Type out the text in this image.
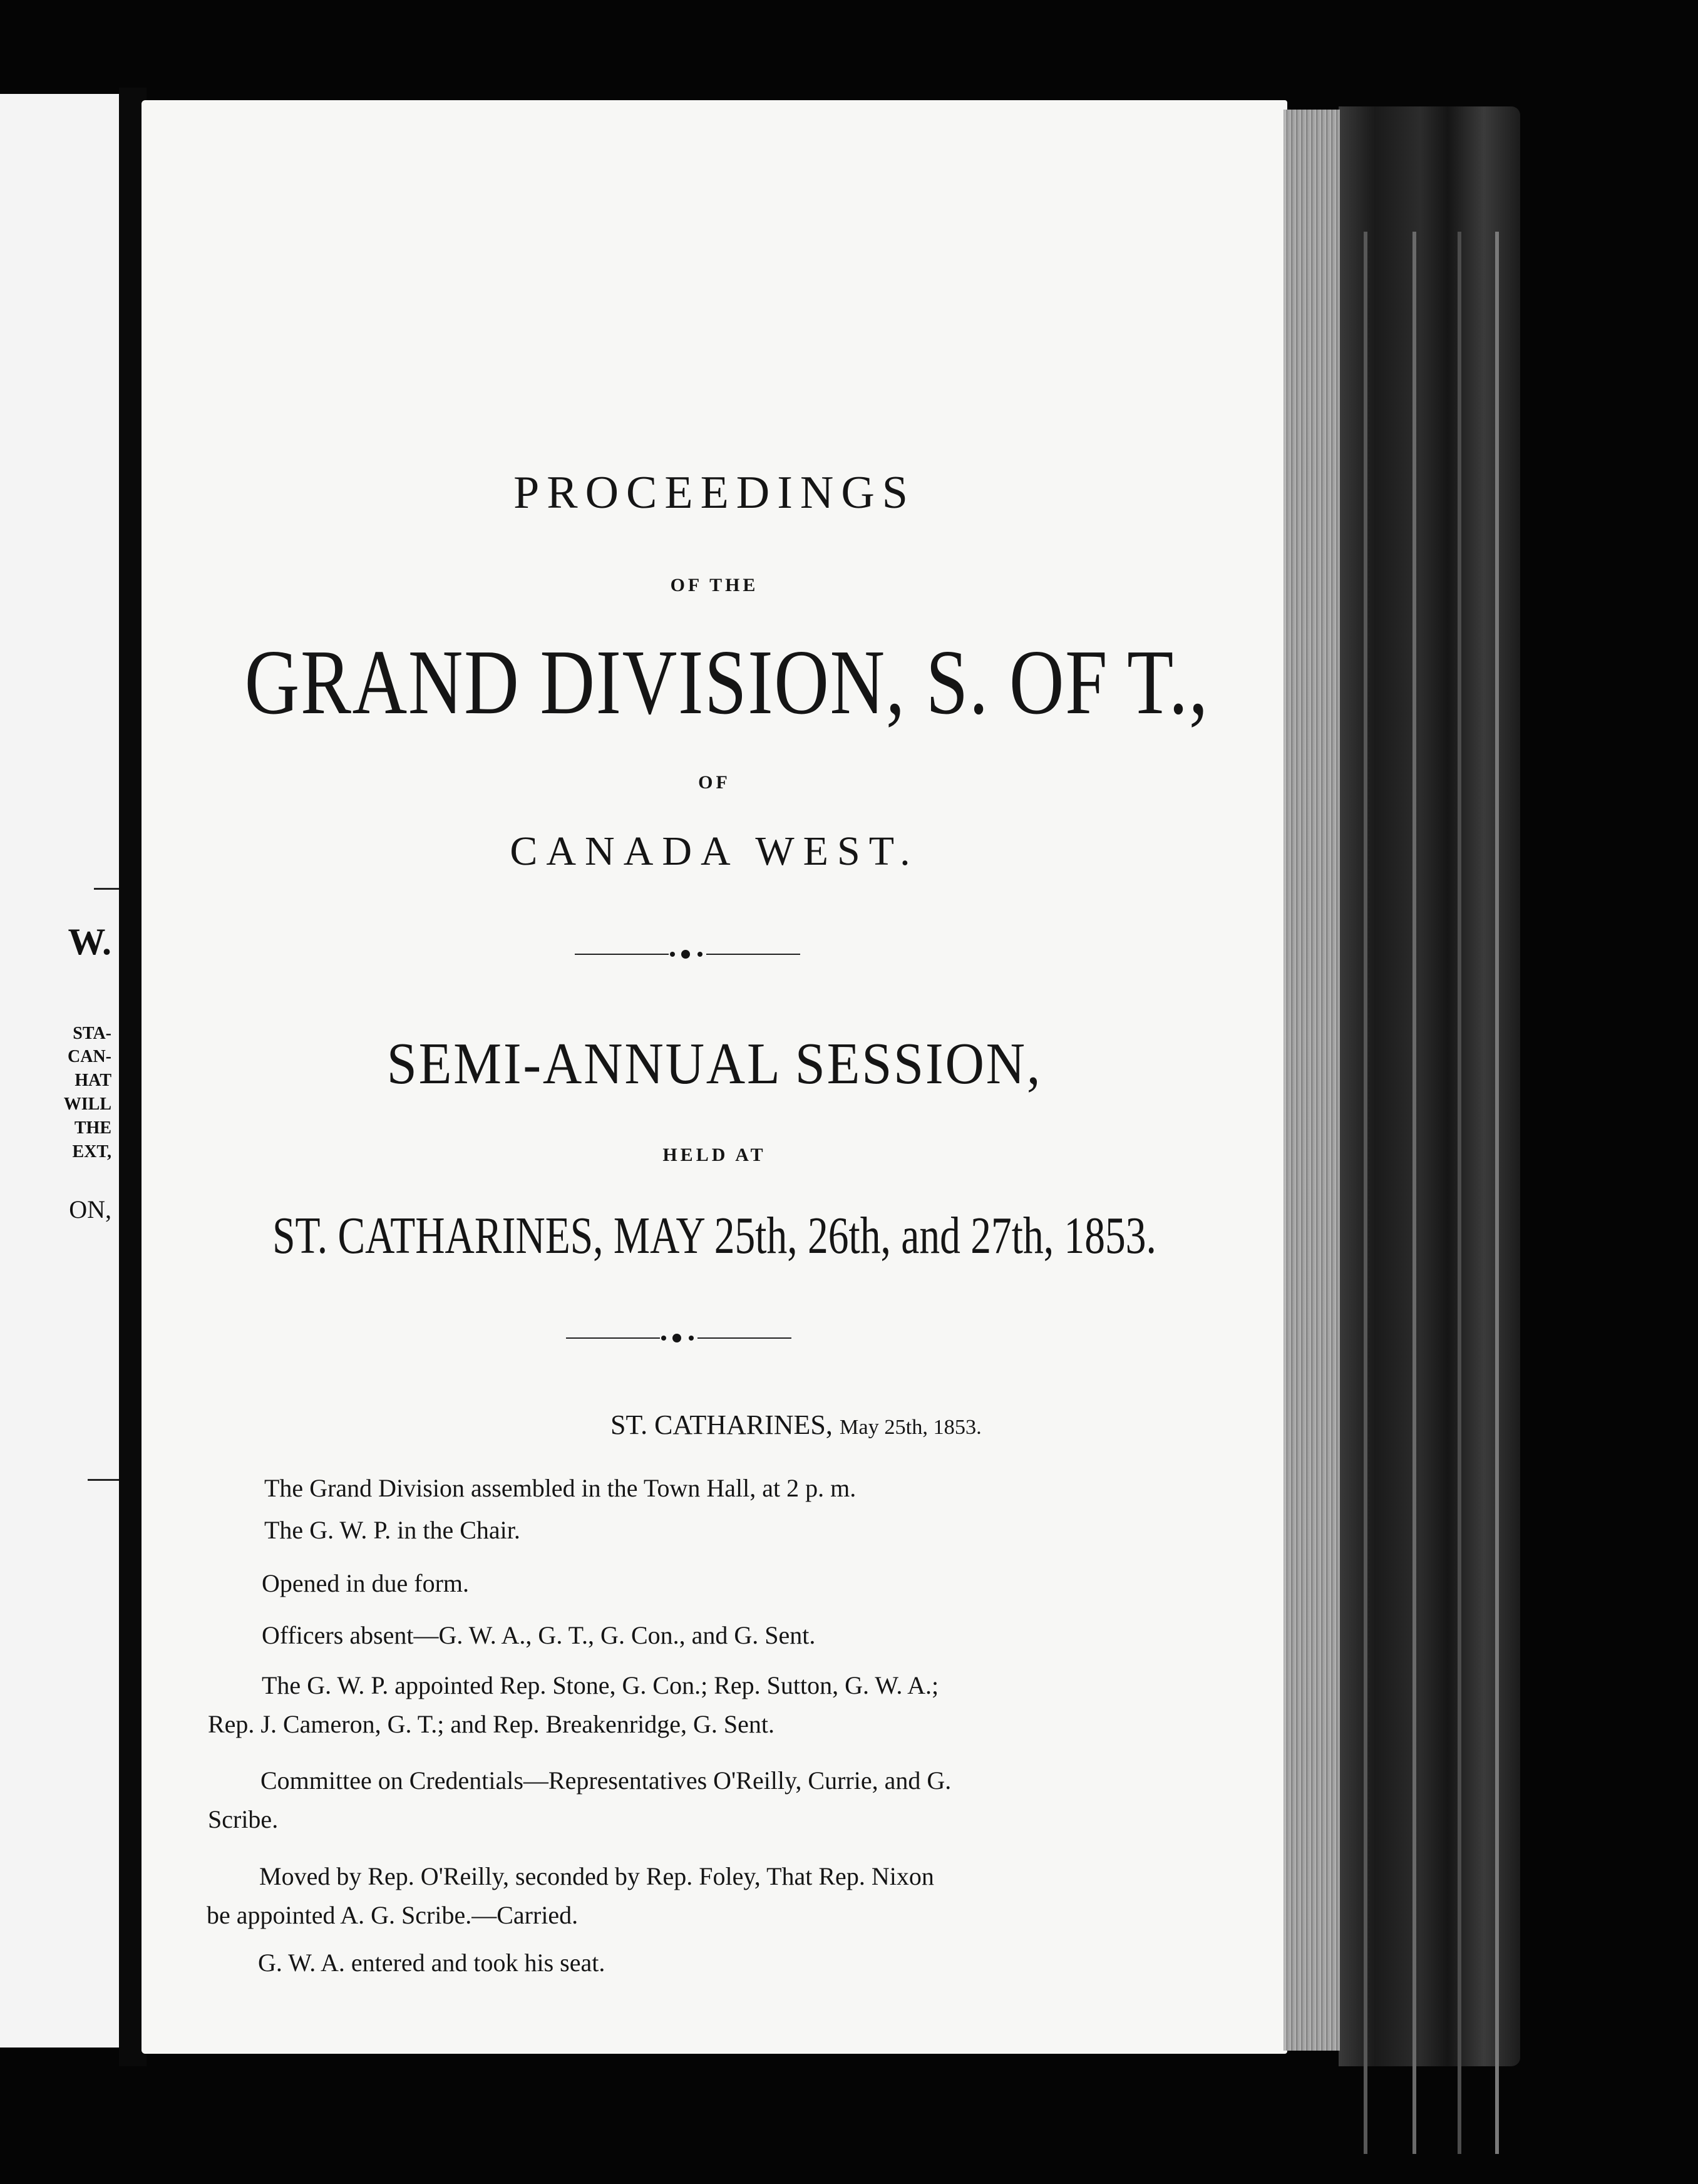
W.
STA-
CAN-
HAT
WILL
THE
EXT,
ON,
PROCEEDINGS
OF THE
GRAND DIVISION, S. OF T.,
OF
CANADA WEST.
SEMI-ANNUAL SESSION,
HELD AT
ST. CATHARINES, MAY 25th, 26th, and 27th, 1853.
ST. CATHARINES, May 25th, 1853.
The Grand Division assembled in the Town Hall, at 2 p. m.
The G. W. P. in the Chair.
Opened in due form.
Officers absent—G. W. A., G. T., G. Con., and G. Sent.
The G. W. P. appointed Rep. Stone, G. Con.; Rep. Sutton, G. W. A.;
Rep. J. Cameron, G. T.; and Rep. Breakenridge, G. Sent.
Committee on Credentials—Representatives O'Reilly, Currie, and G.
Scribe.
Moved by Rep. O'Reilly, seconded by Rep. Foley, That Rep. Nixon
be appointed A. G. Scribe.—Carried.
G. W. A. entered and took his seat.
